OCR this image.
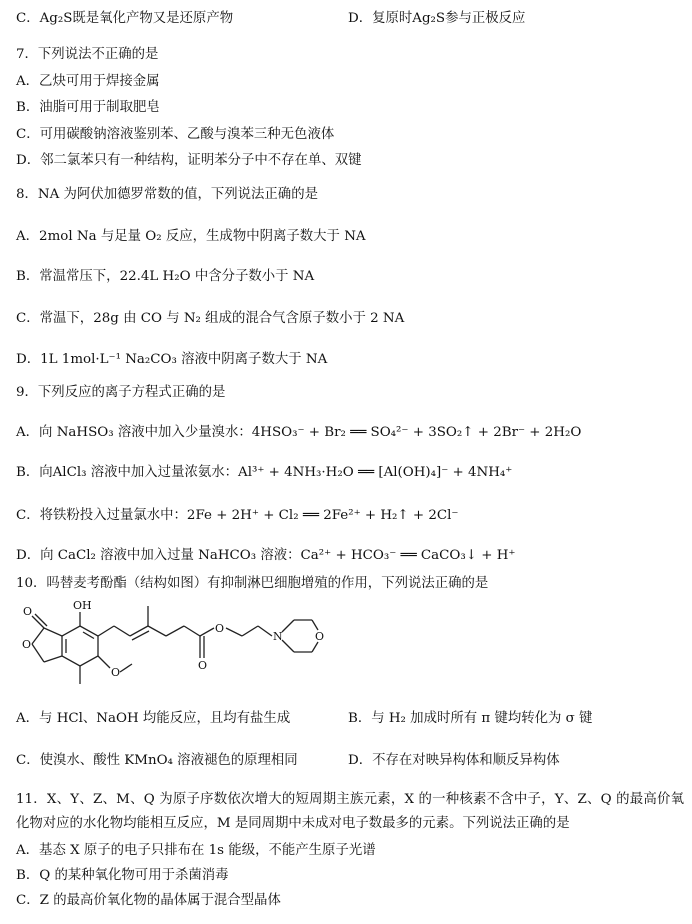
C．Ag₂S既是氧化产物又是还原产物	D．复原时Ag₂S参与正极反应
7．下列说法不正确的是
A．乙炔可用于焊接金属
B．油脂可用于制取肥皂
C．可用碳酸钠溶液鉴别苯、乙酸与溴苯三种无色液体
D．邻二氯苯只有一种结构，证明苯分子中不存在单、双键
8．NA 为阿伏加德罗常数的值，下列说法正确的是
A．2mol Na 与足量 O₂ 反应，生成物中阴离子数大于 NA
B．常温常压下，22.4L H₂O 中含分子数小于 NA
C．常温下，28g 由 CO 与 N₂ 组成的混合气含原子数小于 2 NA
D．1L 1mol·L⁻¹ Na₂CO₃ 溶液中阴离子数大于 NA
9．下列反应的离子方程式正确的是
A．向 NaHSO₃ 溶液中加入少量溴水：4HSO₃⁻ + Br₂ ══ SO₄²⁻ + 3SO₂↑ + 2Br⁻ + 2H₂O
B．向AlCl₃ 溶液中加入过量浓氨水：Al³⁺ + 4NH₃·H₂O ══ [Al(OH)₄]⁻ + 4NH₄⁺
C．将铁粉投入过量氯水中：2Fe + 2H⁺ + Cl₂ ══ 2Fe²⁺ + H₂↑ + 2Cl⁻
D．向 CaCl₂ 溶液中加入过量 NaHCO₃ 溶液：Ca²⁺ + HCO₃⁻ ══ CaCO₃↓ + H⁺
10．吗替麦考酚酯（结构如图）有抑制淋巴细胞增殖的作用，下列说法正确的是
OH
O
O
O
O
O
N	O
A．与 HCl、NaOH 均能反应，且均有盐生成	B．与 H₂ 加成时所有 π 键均转化为 σ 键
C．使溴水、酸性 KMnO₄ 溶液褪色的原理相同	D．不存在对映异构体和顺反异构体
11．X、Y、Z、M、Q 为原子序数依次增大的短周期主族元素，X 的一种核素不含中子，Y、Z、Q 的最高价氧化物对应的水化物均能相互反应，M 是同周期中未成对电子数最多的元素。下列说法正确的是
A．基态 X 原子的电子只排布在 1s 能级，不能产生原子光谱
B．Q 的某种氧化物可用于杀菌消毒
C．Z 的最高价氧化物的晶体属于混合型晶体
